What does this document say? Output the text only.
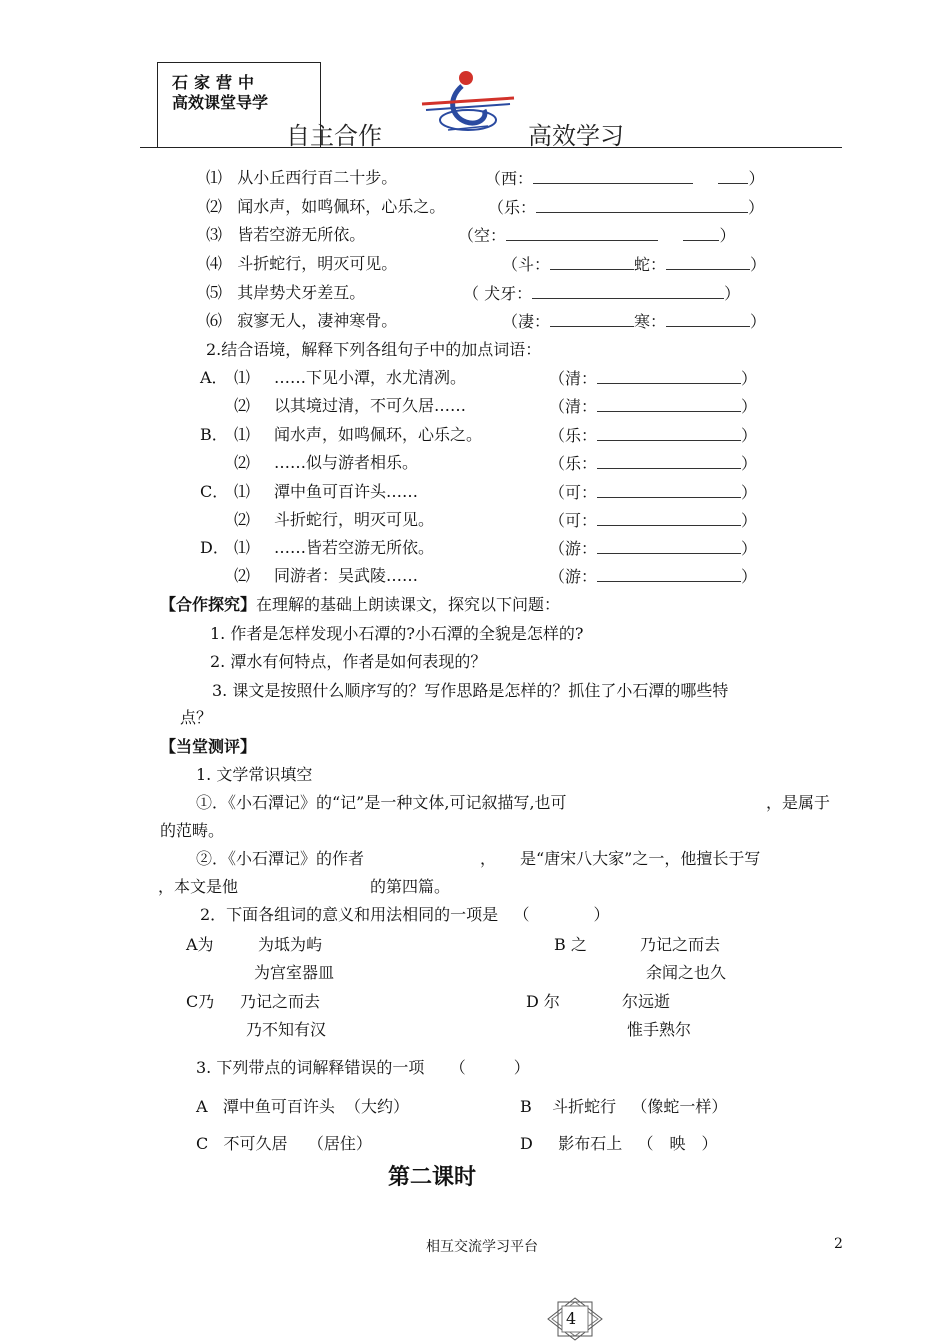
石家营中
高效课堂导学
自主合作	高效学习
⑴ 从小丘西行百二十步。	（西：	）
⑵ 闻水声，如鸣佩环，心乐之。	（乐：	）
⑶ 皆若空游无所依。	（空：	）
⑷ 斗折蛇行，明灭可见。	（斗：	蛇：	）
⑸ 其岸势犬牙差互。	（ 犬牙：	）
⑹ 寂寥无人，凄神寒骨。	（凄：	寒：	）
2.结合语境，解释下列各组句子中的加点词语：
A． ⑴ ……下见小潭，水尤清冽。	（清：	）
⑵ 以其境过清，不可久居……	（清：	）
B． ⑴ 闻水声，如鸣佩环，心乐之。	（乐：	）
⑵ ……似与游者相乐。	（乐：	）
C． ⑴ 潭中鱼可百许头……	（可：	）
⑵ 斗折蛇行，明灭可见。	（可：	）
D． ⑴ ……皆若空游无所依。	（游：	）
⑵ 同游者：吴武陵……	（游：	）
【合作探究】在理解的基础上朗读课文，探究以下问题：
1. 作者是怎样发现小石潭的?小石潭的全貌是怎样的?
2. 潭水有何特点，作者是如何表现的？
3. 课文是按照什么顺序写的？写作思路是怎样的？抓住了小石潭的哪些特
点？
【当堂测评】
1. 文学常识填空
①．《小石潭记》的“记”是一种文体,可记叙描写,也可	，是属于
的范畴。
②．《小石潭记》的作者	， 是“唐宋八大家”之一，他擅长于写
，本文是他	的第四篇。
2．下面各组词的意义和用法相同的一项是 （　　　　）
A为	为坻为屿
为宫室器皿
B 之	乃记之而去
余闻之也久
C乃 乃记之而去
乃不知有汉
D 尔	尔远逝
惟手熟尔
3. 下列带点的词解释错误的一项 （　　　）
A 潭中鱼可百许头 （大约）	B 斗折蛇行 （像蛇一样）
C 不可久居 （居住）	D 影布石上 （　映　）
第二课时
相互交流学习平台	2
4
